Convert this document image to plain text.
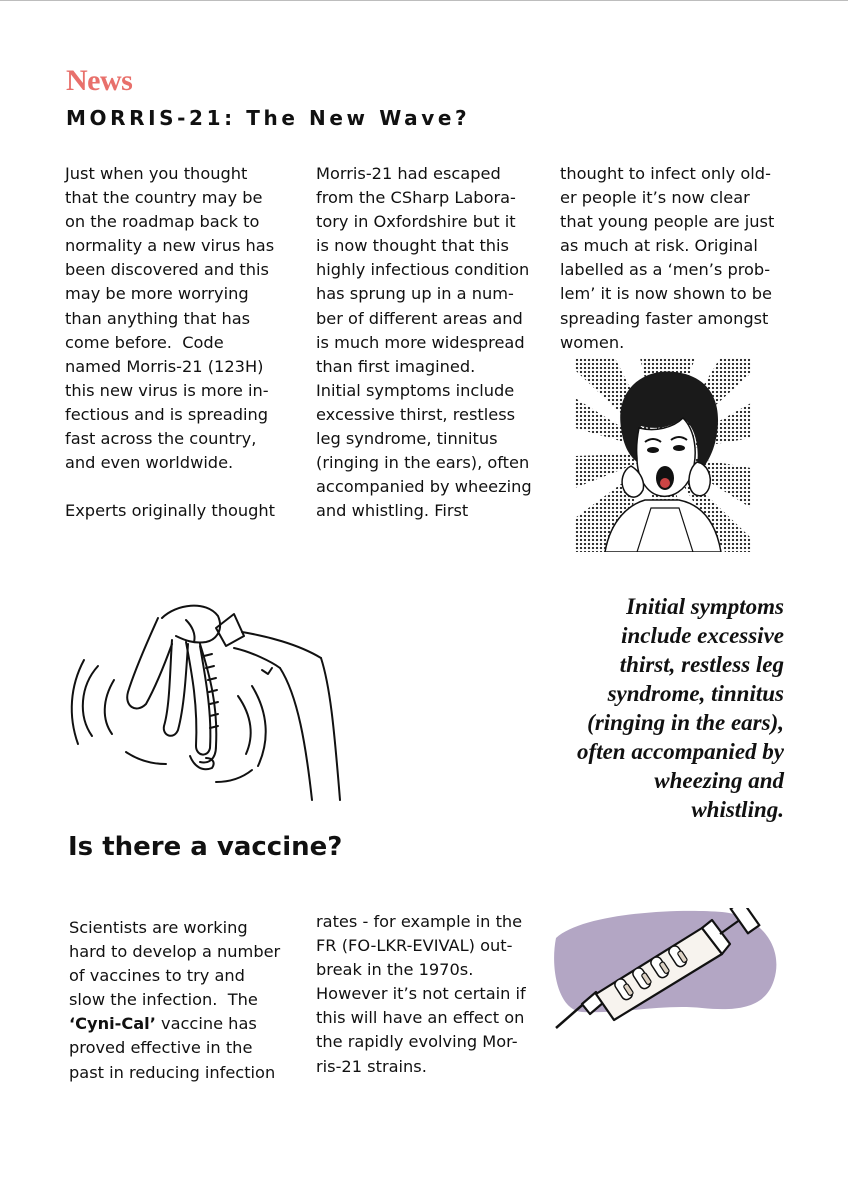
News
MORRIS-21: The New Wave?

Just when you thought

that the country may be

on the roadmap back to

normality a new virus has

been discovered and this

may be more worrying

than anything that has

come before.  Code

named Morris-21 (123H)

this new virus is more in-

fectious and is spreading

fast across the country,

and even worldwide.

Experts originally thought

Morris-21 had escaped

from the CSharp Labora-

tory in Oxfordshire but it

is now thought that this

highly infectious condition

has sprung up in a num-

ber of different areas and

is much more widespread

than first imagined.

Initial symptoms include

excessive thirst, restless

leg syndrome, tinnitus

(ringing in the ears), often

accompanied by wheezing

and whistling. First

thought to infect only old-

er people it’s now clear

that young people are just

as much at risk. Original

labelled as a ‘men’s prob-

lem’ it is now shown to be

spreading faster amongst

women.

Initial symptoms
include excessive
thirst, restless leg
syndrome, tinnitus
(ringing in the ears),
often accompanied by
wheezing and
whistling.
Is there a vaccine?

Scientists are working

hard to develop a number

of vaccines to try and

slow the infection.  The

‘Cyni-Cal’ vaccine has

proved effective in the

past in reducing infection

rates - for example in the

FR (FO-LKR-EVIVAL) out-

break in the 1970s.

However it’s not certain if

this will have an effect on

the rapidly evolving Mor-

ris-21 strains.
